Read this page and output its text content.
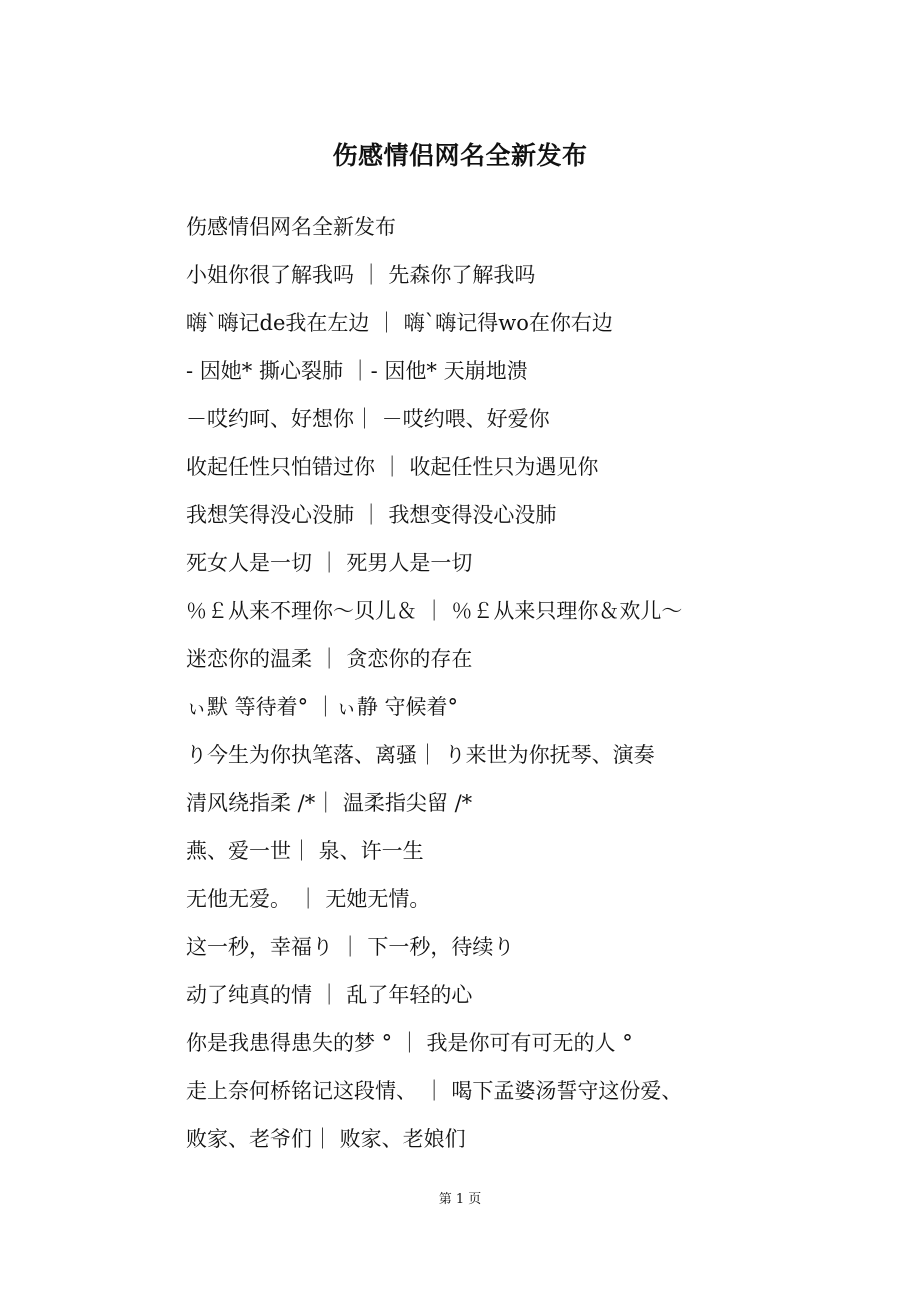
伤感情侣网名全新发布
伤感情侣网名全新发布
小姐你很了解我吗 ｜ 先森你了解我吗
嗨`嗨记de我在左边 ｜ 嗨`嗨记得wo在你右边
- 因她* 撕心裂肺 ｜- 因他* 天崩地溃
－哎约呵、好想你｜ －哎约喂、好爱你
收起任性只怕错过你 ｜ 收起任性只为遇见你
我想笑得没心没肺 ｜ 我想变得没心没肺
死女人是一切 ｜ 死男人是一切
％￡从来不理你～贝儿＆ ｜ ％￡从来只理你＆欢儿～
迷恋你的温柔 ｜ 贪恋你的存在
ぃ默 等待着° ｜ぃ静 守候着°
り今生为你执笔落、离骚｜ り来世为你抚琴、演奏
清风绕指柔 /*｜ 温柔指尖留 /*
燕、爱一世｜ 泉、许一生
无他无爱。 ｜ 无她无情。
这一秒，幸福り ｜ 下一秒，待续り
动了纯真的情 ｜ 乱了年轻的心
你是我患得患失的梦 ° ｜ 我是你可有可无的人 °
走上奈何桥铭记这段情、 ｜ 喝下孟婆汤誓守这份爱、
败家、老爷们｜ 败家、老娘们
第 1 页
